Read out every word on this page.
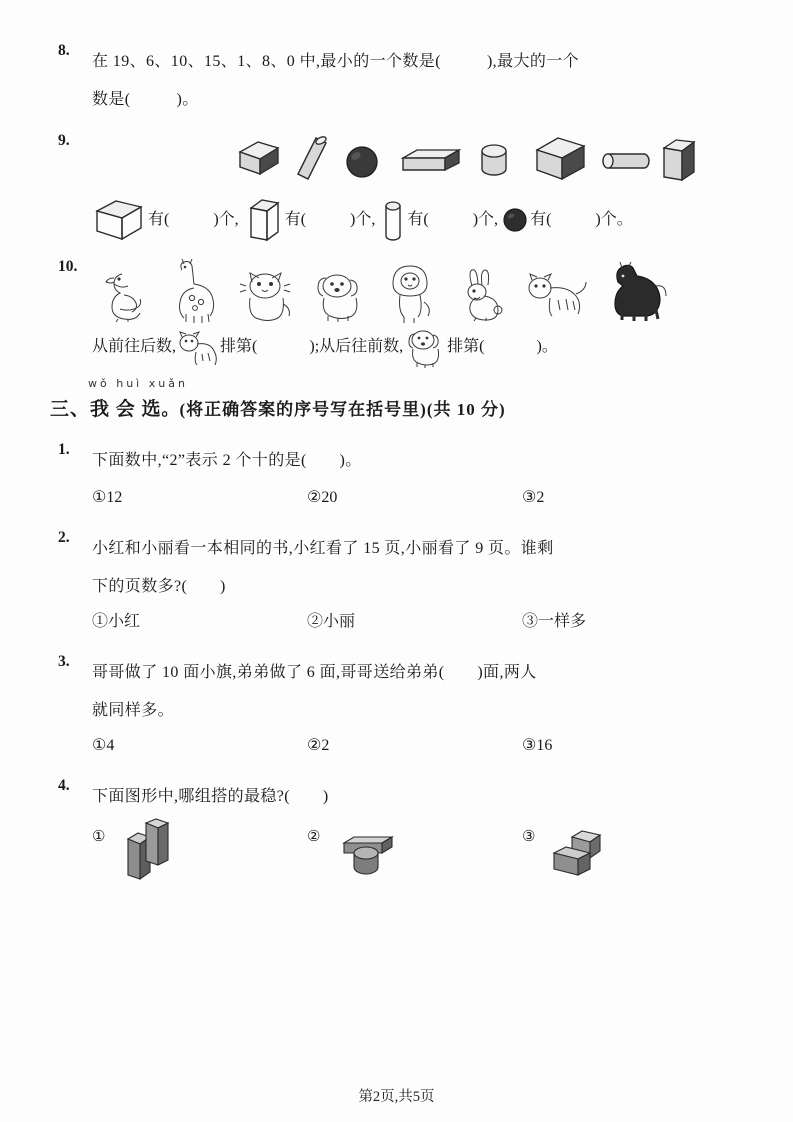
8.
在 19、6、10、15、1、8、0 中,最小的一个数是(	),最大的一个
数是(	)。
9.
有(	)个,	有(	)个, 有(	)个, 有(	)个。
10.
从前往后数,	排第(	);从后往前数,	排第(	)。
wǒ huì xuǎn
三、我 会 选。(将正确答案的序号写在括号里)(共 10 分)
1.
下面数中,“2”表示 2 个十的是(　　)。
①12	②20	③2
2.
小红和小丽看一本相同的书,小红看了 15 页,小丽看了 9 页。谁剩
下的页数多?(　　)
①小红	②小丽	③一样多
3.
哥哥做了 10 面小旗,弟弟做了 6 面,哥哥送给弟弟(　　)面,两人
就同样多。
①4	②2	③16
4.
下面图形中,哪组搭的最稳?(　　)
①	②	③
第2页,共5页
